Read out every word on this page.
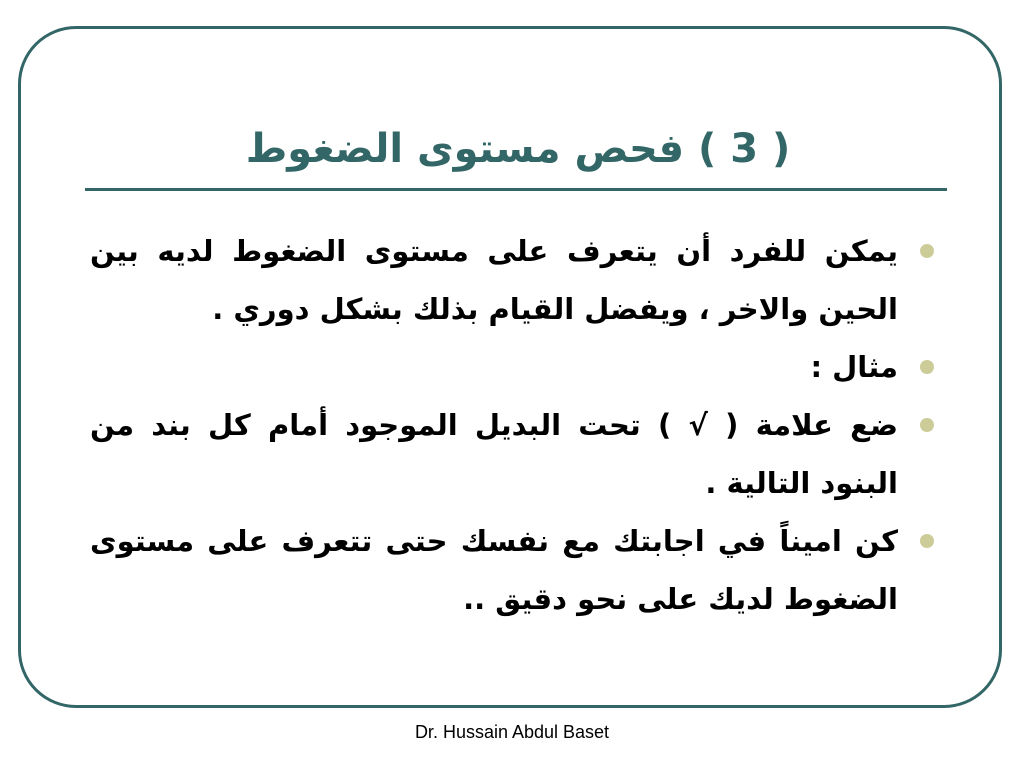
( 3 ) فحص مستوى الضغوط
يمكن للفرد أن يتعرف على مستوى الضغوط لديه بين الحين والاخر ، ويفضل القيام بذلك بشكل دوري .
مثال :
ضع علامة ( √ ) تحت البديل الموجود أمام كل بند من البنود التالية .
كن اميناً في اجابتك مع نفسك حتى تتعرف على مستوى الضغوط لديك على نحو دقيق ..
Dr. Hussain Abdul Baset
